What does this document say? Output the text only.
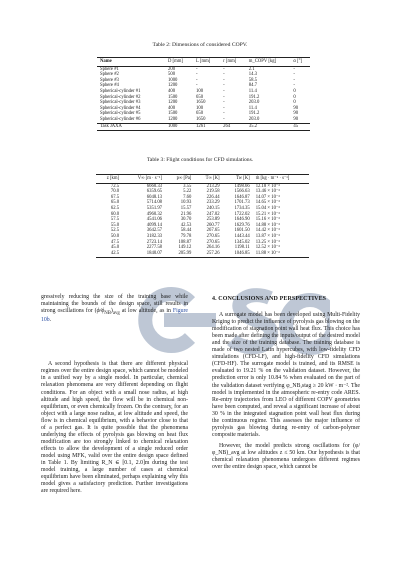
Table 2: Dimensions of considered COPV.
Name	D [mm]	L [mm]	r [mm]	m_COPV [kg]	α [°]
Sphere #1	200	-	-	2.1	-
Sphere #2	500	-	-	14.3	-
Sphere #3	1000	-	-	58.5	-
Sphere #4	1200	-	-	84.7	-
Spherical-cylinder #1	400	100	-	11.4	0
Spherical-cylinder #2	1500	650	-	191.2	0
Spherical-cylinder #3	1200	1650	-	203.0	0
Spherical-cylinder #4	400	100	-	11.4	90
Spherical-cylinder #5	1500	650	-	191.2	90
Spherical-cylinder #6	1200	1650	-	203.0	90
Task JAXA	1000	1261	264	35.2	45
Table 3: Flight conditions for CFD simulations.
z [km]	V∞ [m · s⁻¹]	p∞ [Pa]	T∞ [K]	Tw [K]	ṁ [kg · m⁻² · s⁻¹]
72.5	6660.33	3.55	213.29	1498.66	12.18 × 10⁻³
70.0	6359.65	5.22	219.58	1566.63	13.46 × 10⁻³
67.5	6048.13	7.60	226.44	1646.87	14.07 × 10⁻³
65.0	5714.08	10.93	233.29	1701.73	14.65 × 10⁻³
62.5	5351.97	15.57	240.15	1734.35	15.04 × 10⁻³
60.0	4960.32	21.96	247.02	1722.02	15.21 × 10⁻³
57.5	4541.06	30.70	253.89	1646.90	15.16 × 10⁻³
55.0	4099.14	42.53	260.77	1629.76	14.88 × 10⁻³
52.5	3642.57	58.44	267.65	1601.50	14.42 × 10⁻³
50.0	3182.33	79.78	270.65	1443.44	13.87 × 10⁻³
47.5	2723.14	108.87	270.65	1345.02	13.25 × 10⁻³
45.0	2277.58	149.12	264.16	1198.11	12.52 × 10⁻³
42.5	1840.07	205.99	257.26	1046.85	11.88 × 10⁻³

gressively reducing the size of the training base while maintaining the bounds of the design space, still results in strong oscillations for $(\phi/\phi_{NB})_{avg}$ at low altitude, as in Figure 10b.

A second hypothesis is that there are different physical regimes over the entire design space, which cannot be modeled in a unified way by a single model. In particular, chemical relaxation phenomena are very different depending on flight conditions. For an object with a small nose radius, at high altitude and high speed, the flow will be in chemical non-equilibrium, or even chemically frozen. On the contrary, for an object with a large nose radius, at low altitude and speed, the flow is in chemical equilibrium, with a behavior close to that of a perfect gas. It is quite possible that the phenomena underlying the effects of pyrolysis gas blowing on heat flux modification are too strongly linked to chemical relaxation effects to allow the development of a single reduced order model using MFK, valid over the entire design space defined in Table 1. By limiting R_N ∈ [0.1, 2.0]m during the test model training, a large number of cases at chemical equilibrium have been eliminated, perhaps explaining why this model gives a satisfactory prediction. Further investigations are required here.

4. CONCLUSIONS AND PERSPECTIVES

A surrogate model has been developed using Multi-Fidelity Kriging to predict the influence of pyrolysis gas blowing on the modification of stagnation point wall heat flux. This choice has been made after defining the inputs/output of the desired model and the size of the training database. The training database is made of two nested Latin hypercubes, with low-fidelity CFD simulations (CFD-LF), and high-fidelity CFD simulations (CFD-HF). The surrogate model is trained, and its RMSE is evaluated to 19.21 % on the validation dataset. However, the prediction error is only 10.84 % when evaluated on the part of the validation dataset verifying φ_NB,stag ≥ 20 kW · m⁻². The model is implemented in the atmospheric re-entry code ARES. Re-entry trajectories from LEO of different COPV geometries have been computed, and reveal a significant increase of about 30 % in the integrated stagnation point wall heat flux during the continuous regime. This assesses the major influence of pyrolysis gas blowing during re-entry of carbon-polymer composite materials.

However, the model predicts strong oscillations for (φ/φ_NB)_avg at low altitudes z ≤ 50 km. Our hypothesis is that chemical relaxation phenomena undergoes different regimes over the entire design space, which cannot be
